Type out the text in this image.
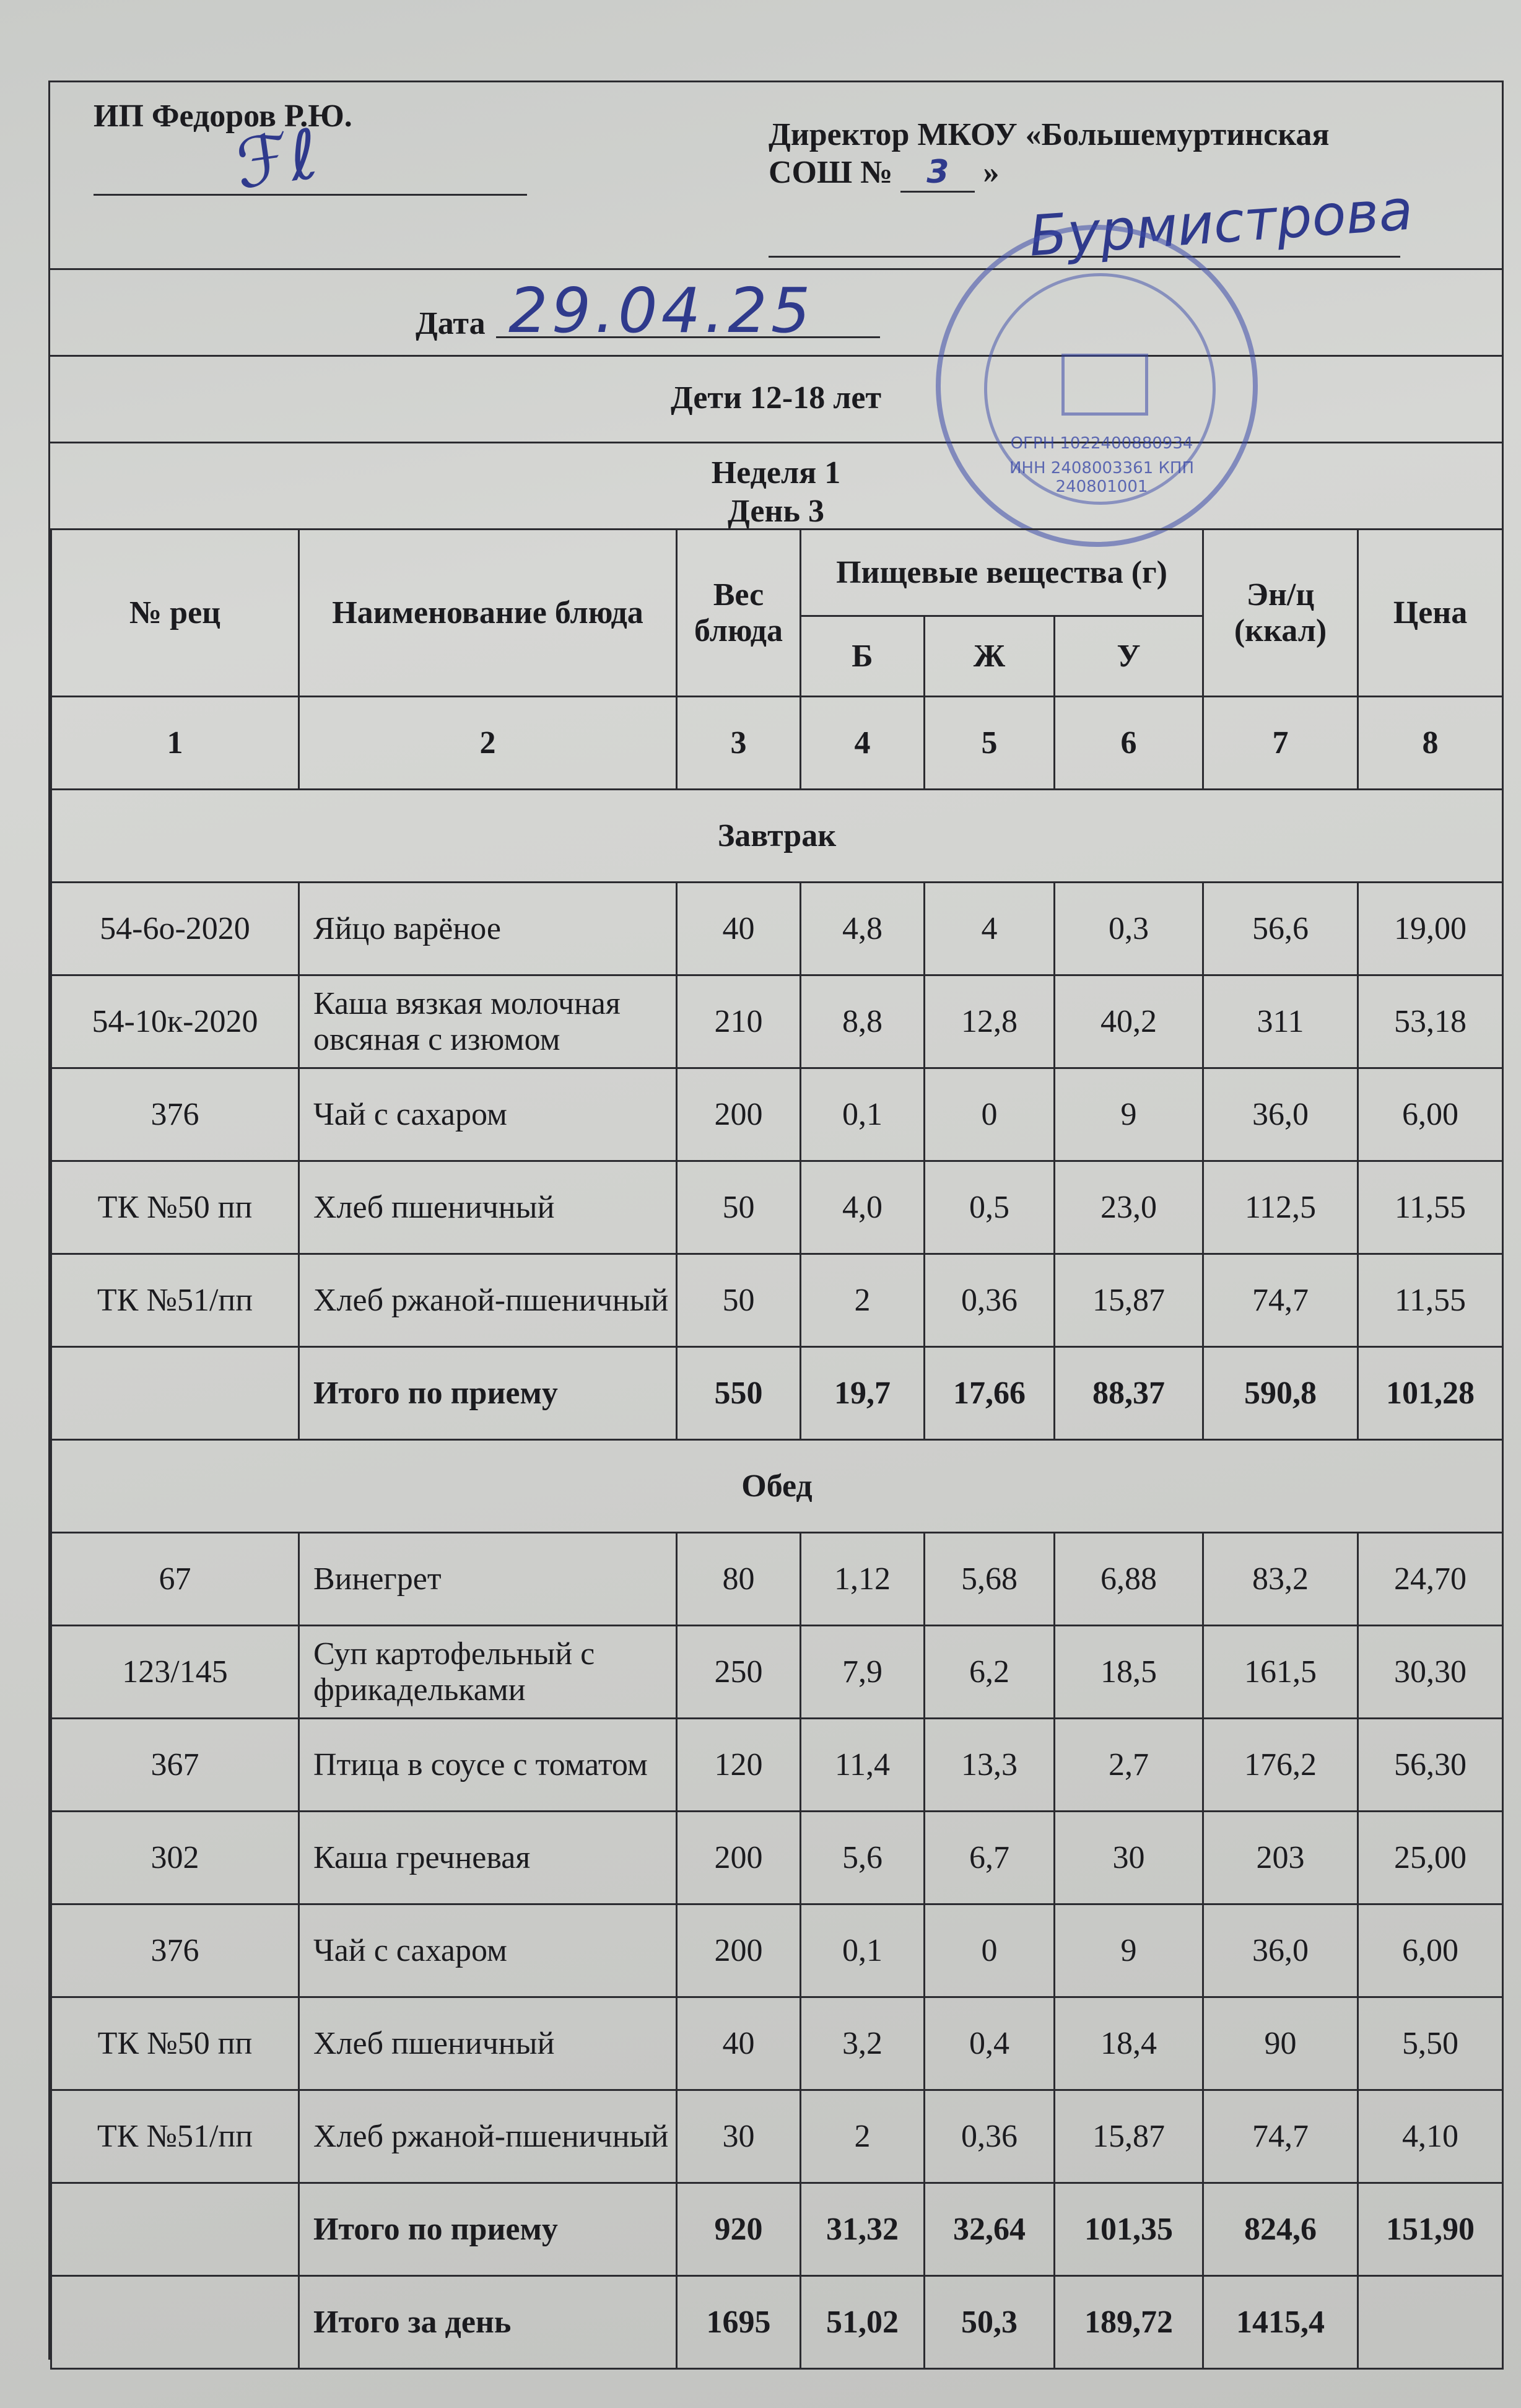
ИП Федоров Р.Ю.
ℱℓ	Директор МКОУ «Большемуртинская
СОШ № 3 »
Бурмистрова
Дата 29.04.25
Дети 12-18 лет
Неделя 1
День 3
ОГРН 1022400880934
ИНН 2408003361 КПП 240801001
№ рец	Наименование блюда	Вес блюда	Пищевые вещества (г)			Эн/ц (ккал)	Цена
			Б	Ж	У		
1	2	3	4	5	6	7	8
Завтрак							
54-6о-2020	Яйцо варёное	40	4,8	4	0,3	56,6	19,00
54-10к-2020	Каша вязкая молочная овсяная с изюмом	210	8,8	12,8	40,2	311	53,18
376	Чай с сахаром	200	0,1	0	9	36,0	6,00
ТК №50 пп	Хлеб пшеничный	50	4,0	0,5	23,0	112,5	11,55
ТК №51/пп	Хлеб ржаной-пшеничный	50	2	0,36	15,87	74,7	11,55
	Итого по приему	550	19,7	17,66	88,37	590,8	101,28
Обед							
67	Винегрет	80	1,12	5,68	6,88	83,2	24,70
123/145	Суп картофельный с фрикадельками	250	7,9	6,2	18,5	161,5	30,30
367	Птица в соусе с томатом	120	11,4	13,3	2,7	176,2	56,30
302	Каша гречневая	200	5,6	6,7	30	203	25,00
376	Чай с сахаром	200	0,1	0	9	36,0	6,00
ТК №50 пп	Хлеб пшеничный	40	3,2	0,4	18,4	90	5,50
ТК №51/пп	Хлеб ржаной-пшеничный	30	2	0,36	15,87	74,7	4,10
	Итого по приему	920	31,32	32,64	101,35	824,6	151,90
	Итого за день	1695	51,02	50,3	189,72	1415,4	
